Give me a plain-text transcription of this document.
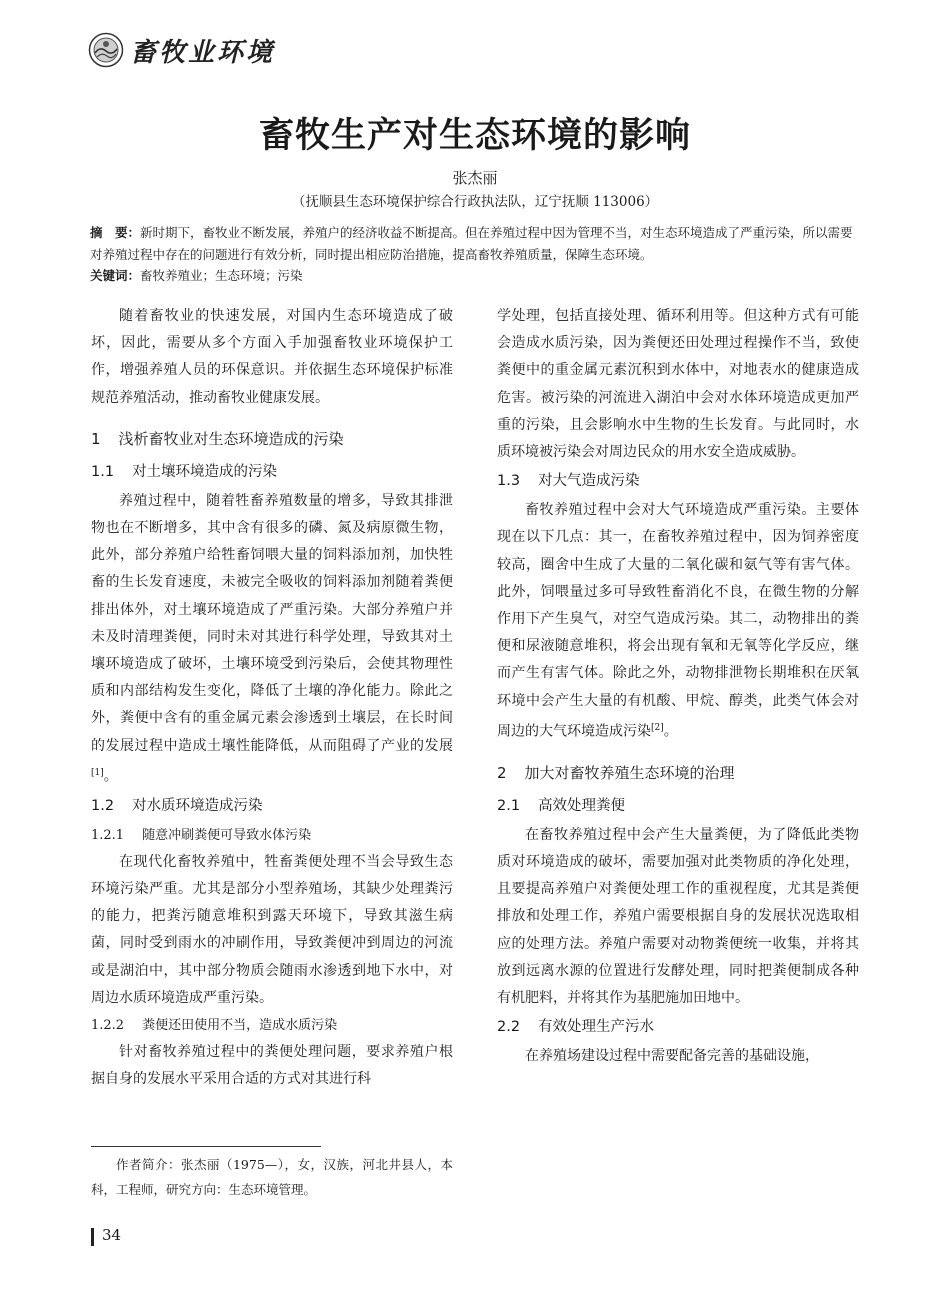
畜牧业环境
畜牧生产对生态环境的影响
张杰丽
（抚顺县生态环境保护综合行政执法队，辽宁抚顺 113006）
摘　要：新时期下，畜牧业不断发展，养殖户的经济收益不断提高。但在养殖过程中因为管理不当，对生态环境造成了严重污染，所以需要对养殖过程中存在的问题进行有效分析，同时提出相应防治措施，提高畜牧养殖质量，保障生态环境。
关键词：畜牧养殖业；生态环境；污染

随着畜牧业的快速发展，对国内生态环境造成了破坏，因此，需要从多个方面入手加强畜牧业环境保护工作，增强养殖人员的环保意识。并依据生态环境保护标准规范养殖活动，推动畜牧业健康发展。

1 浅析畜牧业对生态环境造成的污染
1.1 对土壤环境造成的污染

养殖过程中，随着牲畜养殖数量的增多，导致其排泄物也在不断增多，其中含有很多的磷、氮及病原微生物，此外，部分养殖户给牲畜饲喂大量的饲料添加剂，加快牲畜的生长发育速度，未被完全吸收的饲料添加剂随着粪便排出体外，对土壤环境造成了严重污染。大部分养殖户并未及时清理粪便，同时未对其进行科学处理，导致其对土壤环境造成了破坏，土壤环境受到污染后，会使其物理性质和内部结构发生变化，降低了土壤的净化能力。除此之外，粪便中含有的重金属元素会渗透到土壤层，在长时间的发展过程中造成土壤性能降低，从而阻碍了产业的发展[1]。

1.2 对水质环境造成污染
1.2.1 随意冲刷粪便可导致水体污染

在现代化畜牧养殖中，牲畜粪便处理不当会导致生态环境污染严重。尤其是部分小型养殖场，其缺少处理粪污的能力，把粪污随意堆积到露天环境下，导致其滋生病菌，同时受到雨水的冲刷作用，导致粪便冲到周边的河流或是湖泊中，其中部分物质会随雨水渗透到地下水中，对周边水质环境造成严重污染。

1.2.2 粪便还田使用不当，造成水质污染

针对畜牧养殖过程中的粪便处理问题，要求养殖户根据自身的发展水平采用合适的方式对其进行科

作者简介：张杰丽（1975—），女，汉族，河北井县人，本科，工程师，研究方向：生态环境管理。

学处理，包括直接处理、循环利用等。但这种方式有可能会造成水质污染，因为粪便还田处理过程操作不当，致使粪便中的重金属元素沉积到水体中，对地表水的健康造成危害。被污染的河流进入湖泊中会对水体环境造成更加严重的污染，且会影响水中生物的生长发育。与此同时，水质环境被污染会对周边民众的用水安全造成威胁。

1.3 对大气造成污染

畜牧养殖过程中会对大气环境造成严重污染。主要体现在以下几点：其一，在畜牧养殖过程中，因为饲养密度较高，圈舍中生成了大量的二氧化碳和氨气等有害气体。此外，饲喂量过多可导致牲畜消化不良，在微生物的分解作用下产生臭气，对空气造成污染。其二，动物排出的粪便和尿液随意堆积，将会出现有氧和无氧等化学反应，继而产生有害气体。除此之外，动物排泄物长期堆积在厌氧环境中会产生大量的有机酸、甲烷、醇类，此类气体会对周边的大气环境造成污染[2]。

2 加大对畜牧养殖生态环境的治理
2.1 高效处理粪便

在畜牧养殖过程中会产生大量粪便，为了降低此类物质对环境造成的破坏，需要加强对此类物质的净化处理，且要提高养殖户对粪便处理工作的重视程度，尤其是粪便排放和处理工作，养殖户需要根据自身的发展状况选取相应的处理方法。养殖户需要对动物粪便统一收集，并将其放到远离水源的位置进行发酵处理，同时把粪便制成各种有机肥料，并将其作为基肥施加田地中。

2.2 有效处理生产污水

在养殖场建设过程中需要配备完善的基础设施，

34
